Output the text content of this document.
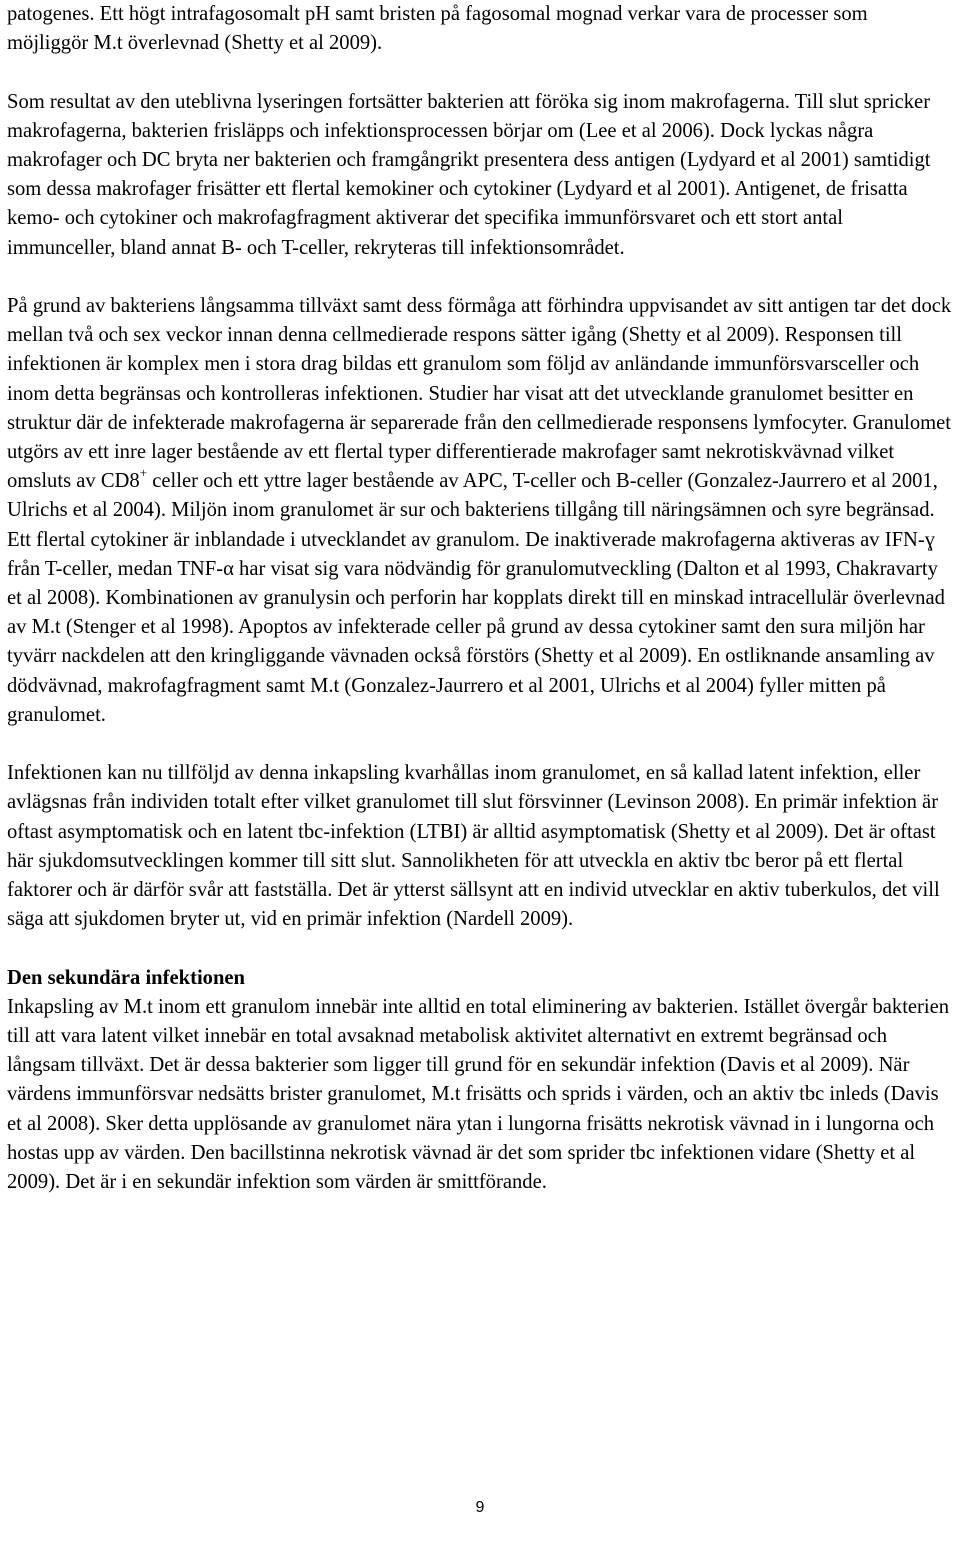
patogenes. Ett högt intrafagosomalt pH samt bristen på fagosomal mognad verkar vara de processer som möjliggör M.t överlevnad (Shetty et al 2009).

Som resultat av den uteblivna lyseringen fortsätter bakterien att föröka sig inom makrofagerna. Till slut spricker makrofagerna, bakterien frisläpps och infektionsprocessen börjar om (Lee et al 2006). Dock lyckas några makrofager och DC bryta ner bakterien och framgångrikt presentera dess antigen (Lydyard et al 2001) samtidigt som dessa makrofager frisätter ett flertal kemokiner och cytokiner (Lydyard et al 2001). Antigenet, de frisatta kemo- och cytokiner och makrofagfragment aktiverar det specifika immunförsvaret och ett stort antal immunceller, bland annat B- och T-celler, rekryteras till infektionsområdet.

På grund av bakteriens långsamma tillväxt samt dess förmåga att förhindra uppvisandet av sitt antigen tar det dock mellan två och sex veckor innan denna cellmedierade respons sätter igång (Shetty et al 2009). Responsen till infektionen är komplex men i stora drag bildas ett granulom som följd av anländande immunförsvarsceller och inom detta begränsas och kontrolleras infektionen. Studier har visat att det utvecklande granulomet besitter en struktur där de infekterade makrofagerna är separerade från den cellmedierade responsens lymfocyter. Granulomet utgörs av ett inre lager bestående av ett flertal typer differentierade makrofager samt nekrotiskvävnad vilket omsluts av CD8+ celler och ett yttre lager bestående av APC, T-celler och B-celler (Gonzalez-Jaurrero et al 2001, Ulrichs et al 2004). Miljön inom granulomet är sur och bakteriens tillgång till näringsämnen och syre begränsad. Ett flertal cytokiner är inblandade i utvecklandet av granulom. De inaktiverade makrofagerna aktiveras av IFN-ɣ från T-celler, medan TNF-α har visat sig vara nödvändig för granulomutveckling (Dalton et al 1993, Chakravarty et al 2008). Kombinationen av granulysin och perforin har kopplats direkt till en minskad intracellulär överlevnad av M.t (Stenger et al 1998). Apoptos av infekterade celler på grund av dessa cytokiner samt den sura miljön har tyvärr nackdelen att den kringliggande vävnaden också förstörs (Shetty et al 2009). En ostliknande ansamling av dödvävnad, makrofagfragment samt M.t (Gonzalez-Jaurrero et al 2001, Ulrichs et al 2004) fyller mitten på granulomet.

Infektionen kan nu tillföljd av denna inkapsling kvarhållas inom granulomet, en så kallad latent infektion, eller avlägsnas från individen totalt efter vilket granulomet till slut försvinner (Levinson 2008). En primär infektion är oftast asymptomatisk och en latent tbc-infektion (LTBI) är alltid asymptomatisk (Shetty et al 2009). Det är oftast här sjukdomsutvecklingen kommer till sitt slut. Sannolikheten för att utveckla en aktiv tbc beror på ett flertal faktorer och är därför svår att fastställa. Det är ytterst sällsynt att en individ utvecklar en aktiv tuberkulos, det vill säga att sjukdomen bryter ut, vid en primär infektion (Nardell 2009).

Den sekundära infektionen

Inkapsling av M.t inom ett granulom innebär inte alltid en total eliminering av bakterien. Istället övergår bakterien till att vara latent vilket innebär en total avsaknad metabolisk aktivitet alternativt en extremt begränsad och långsam tillväxt. Det är dessa bakterier som ligger till grund för en sekundär infektion (Davis et al 2009). När värdens immunförsvar nedsätts brister granulomet, M.t frisätts och sprids i värden, och an aktiv tbc inleds (Davis et al 2008). Sker detta upplösande av granulomet nära ytan i lungorna frisätts nekrotisk vävnad in i lungorna och hostas upp av värden. Den bacillstinna nekrotisk vävnad är det som sprider tbc infektionen vidare (Shetty et al 2009). Det är i en sekundär infektion som värden är smittförande.

9
